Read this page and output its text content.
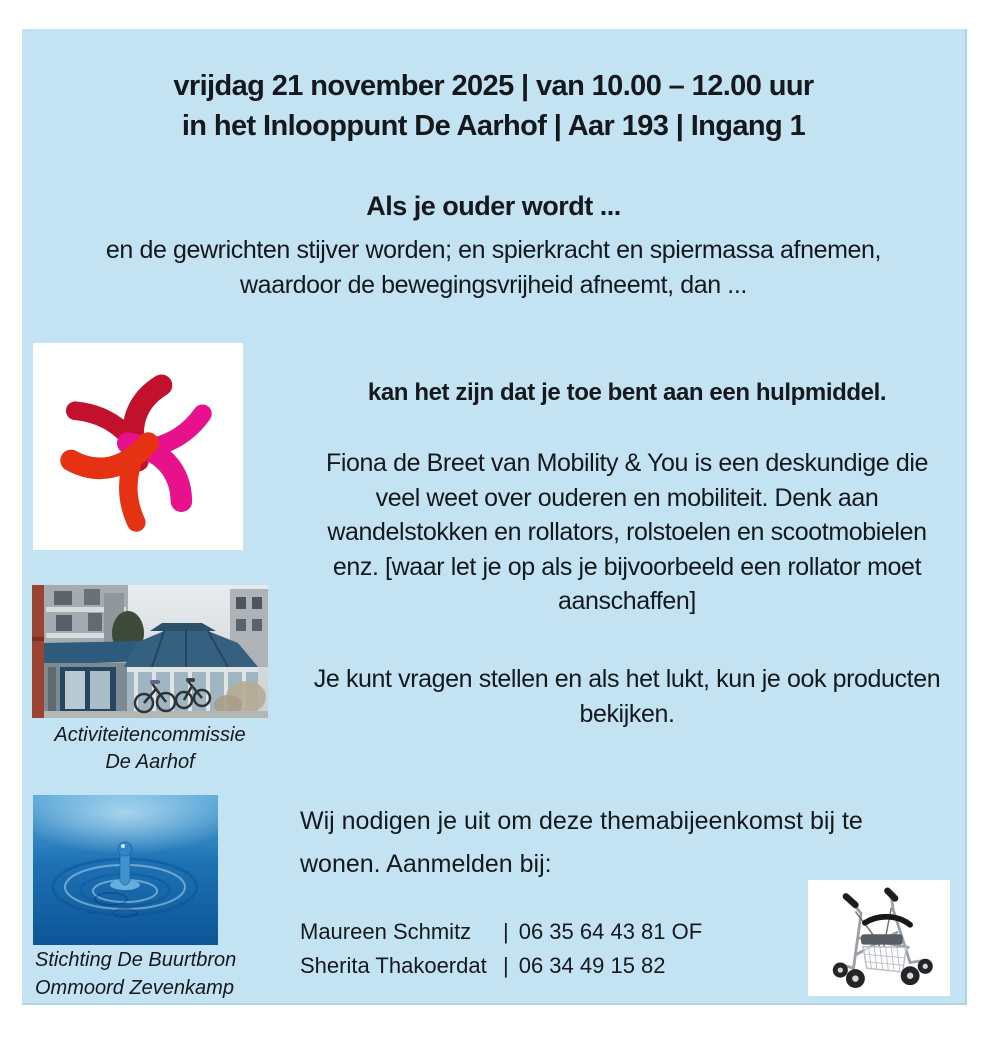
vrijdag 21 november 2025 | van 10.00 – 12.00 uur
in het Inlooppunt De Aarhof | Aar 193 | Ingang 1
Als je ouder wordt ...
en de gewrichten stijver worden; en spierkracht en spiermassa afnemen,
waardoor de bewegingsvrijheid afneemt, dan ...
kan het zijn dat je toe bent aan een hulpmiddel.
Fiona de Breet van Mobility & You is een deskundige die veel weet over ouderen en mobiliteit. Denk aan wandelstokken en rollators, rolstoelen en scootmobielen enz. [waar let je op als je bijvoorbeeld een rollator moet aanschaffen]
Je kunt vragen stellen en als het lukt, kun je ook producten bekijken.
Wij nodigen je uit om deze themabijeenkomst bij te wonen. Aanmelden bij:
Maureen Schmitz	| 06 35 64 43 81 OF
Sherita Thakoerdat | 06 34 49 15 82
Activiteitencommissie
De Aarhof
Stichting De Buurtbron
Ommoord Zevenkamp
